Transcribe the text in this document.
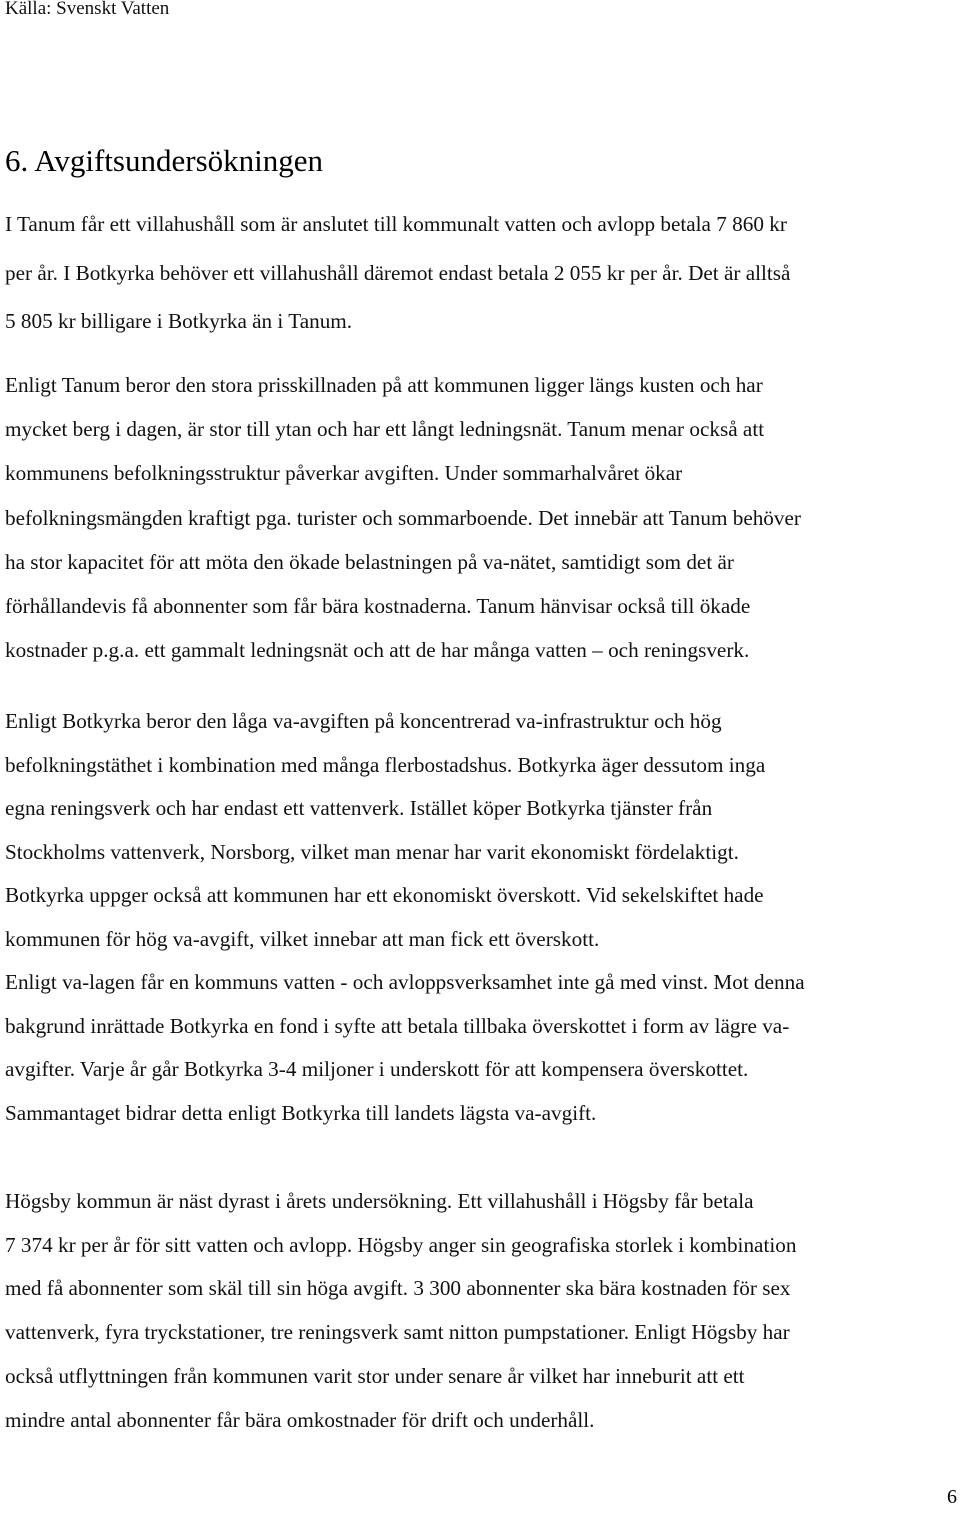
Källa: Svenskt Vatten
6. Avgiftsundersökningen

I Tanum får ett villahushåll som är anslutet till kommunalt vatten och avlopp betala 7 860 kr
per år. I Botkyrka behöver ett villahushåll däremot endast betala 2 055 kr per år. Det är alltså
5 805 kr billigare i Botkyrka än i Tanum.

Enligt Tanum beror den stora prisskillnaden på att kommunen ligger längs kusten och har
mycket berg i dagen, är stor till ytan och har ett långt ledningsnät. Tanum menar också att
kommunens befolkningsstruktur påverkar avgiften. Under sommarhalvåret ökar
befolkningsmängden kraftigt pga. turister och sommarboende. Det innebär att Tanum behöver
ha stor kapacitet för att möta den ökade belastningen på va-nätet, samtidigt som det är
förhållandevis få abonnenter som får bära kostnaderna. Tanum hänvisar också till ökade
kostnader p.g.a. ett gammalt ledningsnät och att de har många vatten – och reningsverk.

Enligt Botkyrka beror den låga va-avgiften på koncentrerad va-infrastruktur och hög
befolkningstäthet i kombination med många flerbostadshus. Botkyrka äger dessutom inga
egna reningsverk och har endast ett vattenverk. Istället köper Botkyrka tjänster från
Stockholms vattenverk, Norsborg, vilket man menar har varit ekonomiskt fördelaktigt.
Botkyrka uppger också att kommunen har ett ekonomiskt överskott. Vid sekelskiftet hade
kommunen för hög va-avgift, vilket innebar att man fick ett överskott.
Enligt va-lagen får en kommuns vatten - och avloppsverksamhet inte gå med vinst. Mot denna
bakgrund inrättade Botkyrka en fond i syfte att betala tillbaka överskottet i form av lägre va-
avgifter. Varje år går Botkyrka 3-4 miljoner i underskott för att kompensera överskottet.
Sammantaget bidrar detta enligt Botkyrka till landets lägsta va-avgift.

Högsby kommun är näst dyrast i årets undersökning. Ett villahushåll i Högsby får betala
7 374 kr per år för sitt vatten och avlopp. Högsby anger sin geografiska storlek i kombination
med få abonnenter som skäl till sin höga avgift. 3 300 abonnenter ska bära kostnaden för sex
vattenverk, fyra tryckstationer, tre reningsverk samt nitton pumpstationer. Enligt Högsby har
också utflyttningen från kommunen varit stor under senare år vilket har inneburit att ett
mindre antal abonnenter får bära omkostnader för drift och underhåll.

6
